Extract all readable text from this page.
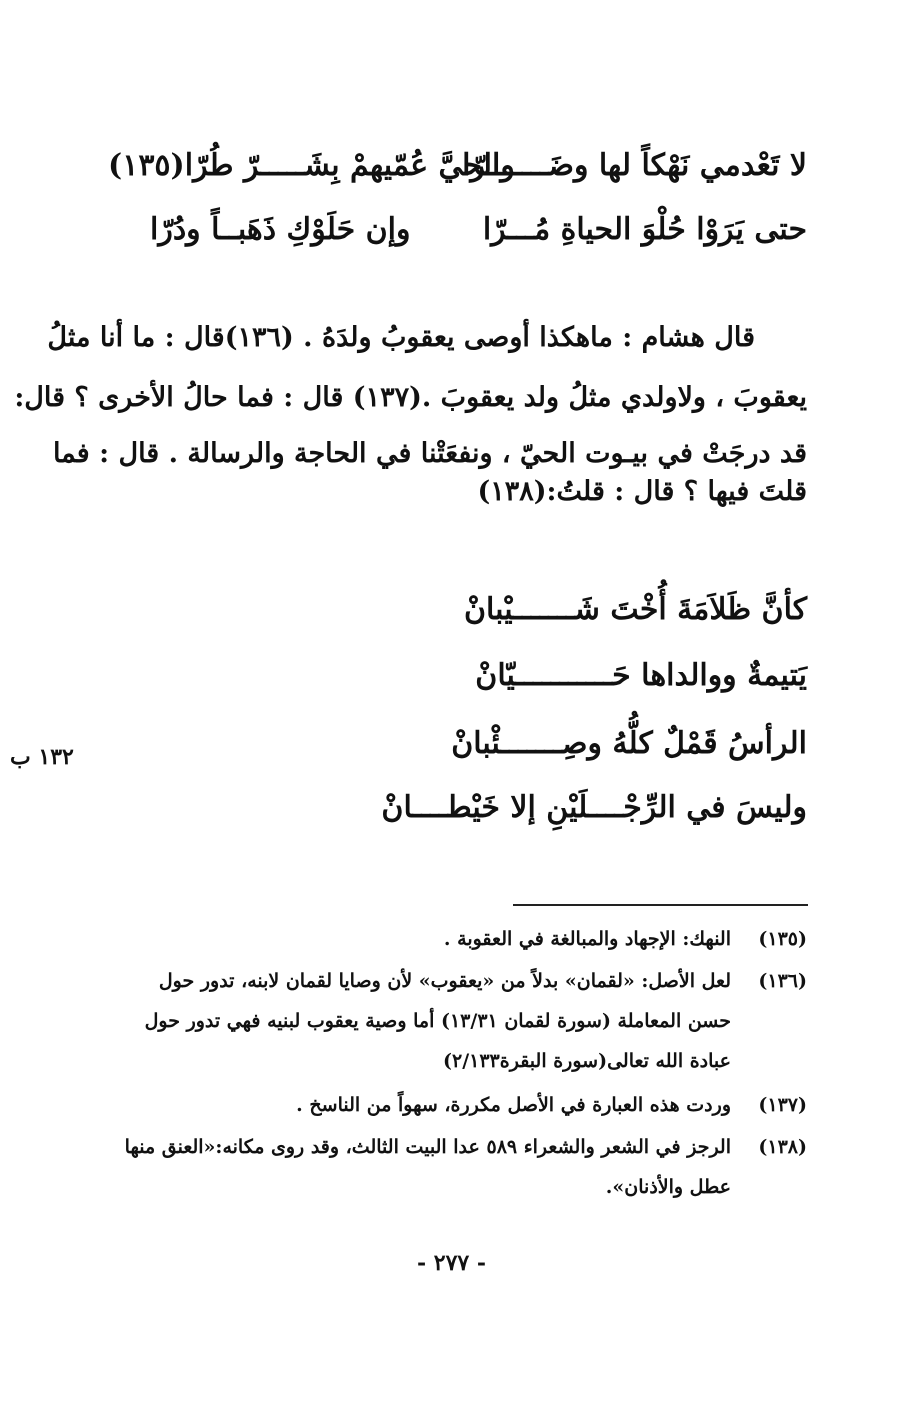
لا تَعْدمي نَهْكاً لها وضَـــــــرّا
والحيَّ عُمّيهمْ بِشَـــــرّ طُرّا(١٣٥)
حتى يَرَوْا حُلْوَ الحياةِ مُـــرّا
وإن حَلَوْكِ ذَهَبــاً ودُرّا
قال هشام : ماهكذا أوصى يعقوبُ ولدَهُ . (١٣٦)قال : ما أنا مثلُ
يعقوبَ ، ولاولدي مثلُ ولد يعقوبَ .(١٣٧) قال : فما حالُ الأخرى ؟ قال:
قد درجَتْ في بيـوت الحيّ ، ونفعَتْنا في الحاجة والرسالة . قال : فما
قلتَ فيها ؟ قال : قلتُ:(١٣٨)
كأنَّ ظَلاَمَةَ أُخْتَ شَـــــــيْبانْ
يَتيمةٌ ووالداها حَـــــــــــيّانْ
الرأسُ قَمْلٌ كلُّهُ وصِـــــــئْبانْ
وليسَ في الرِّجْــــلَيْنِ إلا خَيْطــــانْ
١٣٢ ب
(١٣٥)
النهك: الإجهاد والمبالغة في العقوبة .
(١٣٦)
لعل الأصل: «لقمان» بدلاً من «يعقوب» لأن وصايا لقمان لابنه، تدور حول
حسن المعاملة (سورة لقمان ١٣/٣١) أما وصية يعقوب لبنيه فهي تدور حول
عبادة الله تعالى(سورة البقرة٢/١٣٣)
(١٣٧)
وردت هذه العبارة في الأصل مكررة، سهواً من الناسخ .
(١٣٨)
الرجز في الشعر والشعراء ٥٨٩ عدا البيت الثالث، وقد روى مكانه:«العنق منها
عطل والأذنان».
- ٢٧٧ -
